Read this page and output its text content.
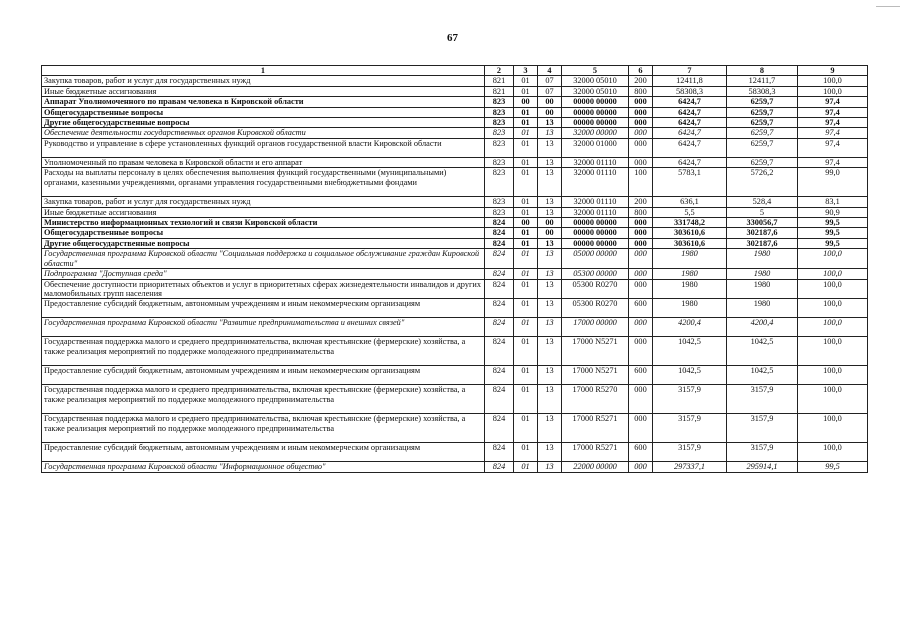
67
1	2	3	4	5	6	7	8	9
Закупка товаров, работ и услуг для государственных нужд	821	01	07	32000 05010	200	12411,8	12411,7	100,0
Иные бюджетные ассигнования	821	01	07	32000 05010	800	58308,3	58308,3	100,0
Аппарат Уполномоченного по правам человека в Кировской области	823	00	00	00000 00000	000	6424,7	6259,7	97,4
Общегосударственные вопросы	823	01	00	00000 00000	000	6424,7	6259,7	97,4
Другие общегосударственные вопросы	823	01	13	00000 00000	000	6424,7	6259,7	97,4
Обеспечение деятельности государственных органов Кировской области	823	01	13	32000 00000	000	6424,7	6259,7	97,4
Руководство и управление в сфере установленных функций органов государственной власти Кировской области	823	01	13	32000 01000	000	6424,7	6259,7	97,4
Уполномоченный по правам человека в Кировской области и его аппарат	823	01	13	32000 01110	000	6424,7	6259,7	97,4
Расходы на выплаты персоналу в целях обеспечения выполнения функций государственными (муниципальными) органами, казенными учреждениями, органами управления государственными внебюджетными фондами	823	01	13	32000 01110	100	5783,1	5726,2	99,0
Закупка товаров, работ и услуг для государственных нужд	823	01	13	32000 01110	200	636,1	528,4	83,1
Иные бюджетные ассигнования	823	01	13	32000 01110	800	5,5	5	90,9
Министерство информационных технологий и связи Кировской области	824	00	00	00000 00000	000	331748,2	330056,7	99,5
Общегосударственные вопросы	824	01	00	00000 00000	000	303610,6	302187,6	99,5
Другие общегосударственные вопросы	824	01	13	00000 00000	000	303610,6	302187,6	99,5
Государственная программа Кировской области "Социальная поддержка и социальное обслуживание граждан Кировской области"	824	01	13	05000 00000	000	1980	1980	100,0
Подпрограмма "Доступная среда"	824	01	13	05300 00000	000	1980	1980	100,0
Обеспечение доступности приоритетных объектов и услуг в приоритетных сферах жизнедеятельности инвалидов и других маломобильных групп населения	824	01	13	05300 R0270	000	1980	1980	100,0
Предоставление субсидий бюджетным, автономным учреждениям и иным некоммерческим организациям	824	01	13	05300 R0270	600	1980	1980	100,0
Государственная программа Кировской области "Развитие предпринимательства и внешних связей"	824	01	13	17000 00000	000	4200,4	4200,4	100,0
Государственная поддержка малого и среднего предпринимательства, включая крестьянские (фермерские) хозяйства, а также реализация мероприятий по поддержке молодежного предпринимательства	824	01	13	17000 N5271	000	1042,5	1042,5	100,0
Предоставление субсидий бюджетным, автономным учреждениям и иным некоммерческим организациям	824	01	13	17000 N5271	600	1042,5	1042,5	100,0
Государственная поддержка малого и среднего предпринимательства, включая крестьянские (фермерские) хозяйства, а также реализация мероприятий по поддержке молодежного предпринимательства	824	01	13	17000 R5270	000	3157,9	3157,9	100,0
Государственная поддержка малого и среднего предпринимательства, включая крестьянские (фермерские) хозяйства, а также реализация мероприятий по поддержке молодежного предпринимательства	824	01	13	17000 R5271	000	3157,9	3157,9	100,0
Предоставление субсидий бюджетным, автономным учреждениям и иным некоммерческим организациям	824	01	13	17000 R5271	600	3157,9	3157,9	100,0
Государственная программа Кировской области "Информационное общество"	824	01	13	22000 00000	000	297337,1	295914,1	99,5
